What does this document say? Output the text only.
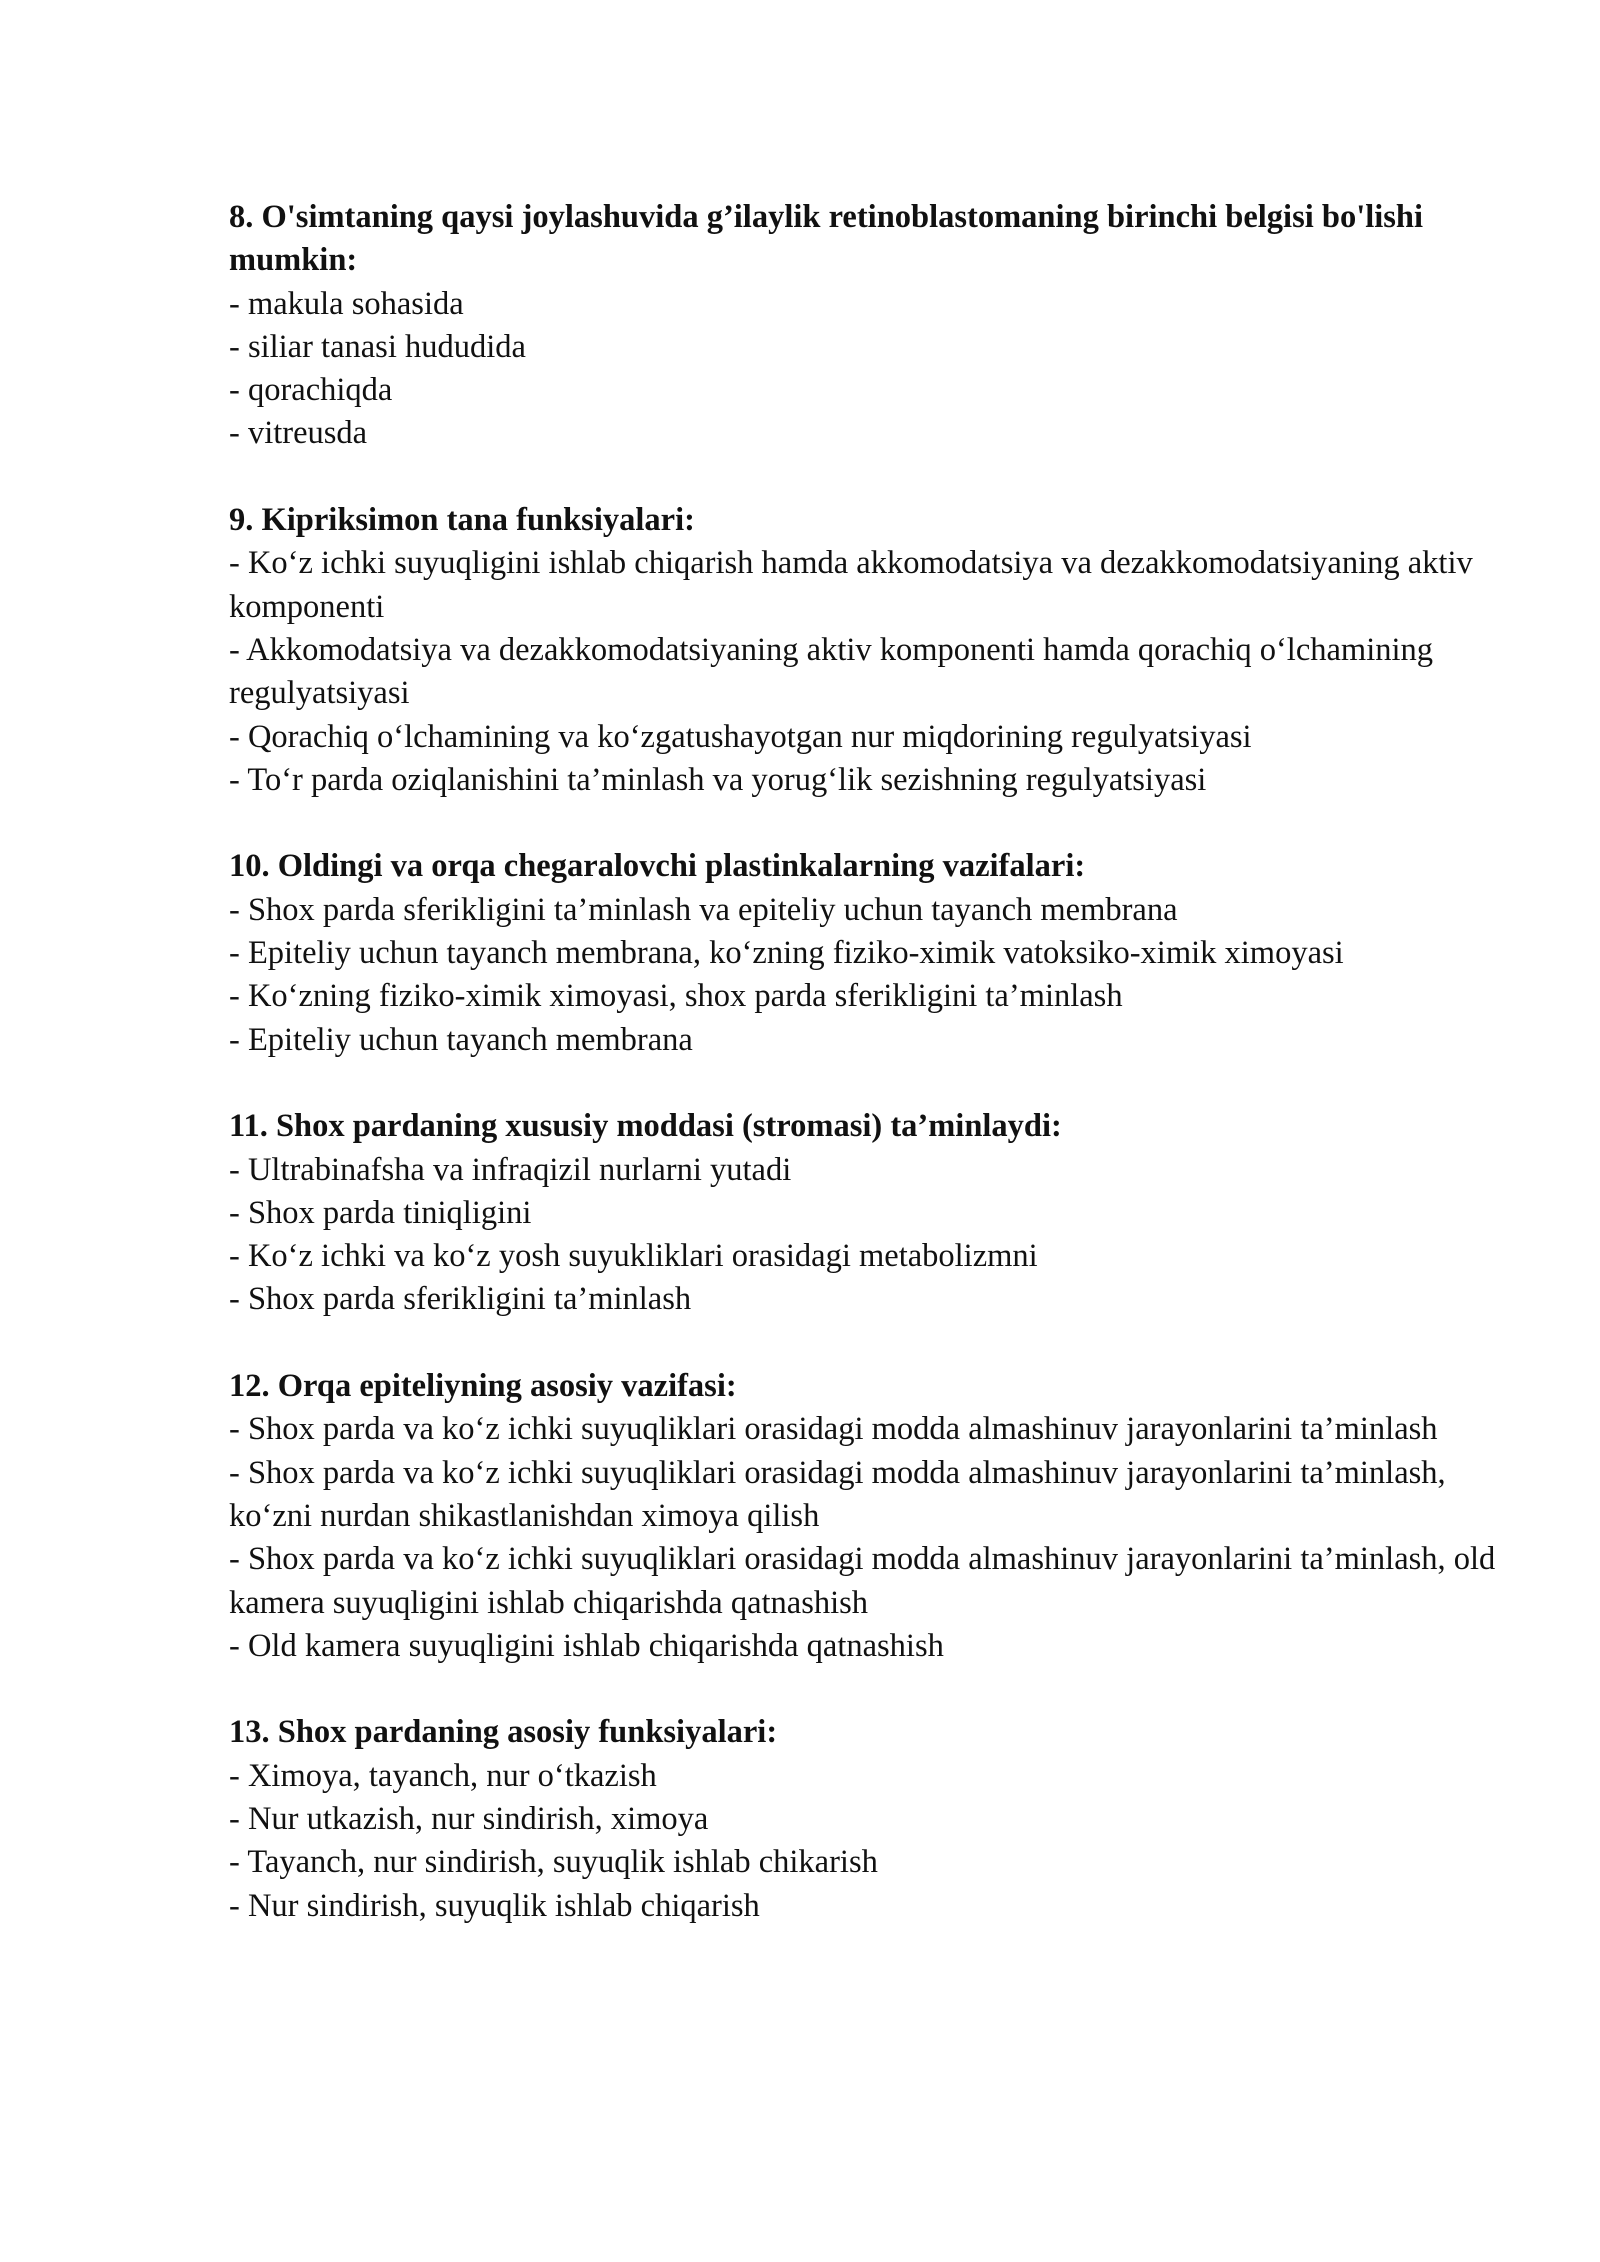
8. O'simtaning qaysi joylashuvida g’ilaylik retinoblastomaning birinchi belgisi bo'lishi mumkin:

- makula sohasida

- siliar tanasi hududida

- qorachiqda

- vitreusda

9. Kipriksimon tana funksiyalari:

- Ko‘z ichki suyuqligini ishlab chiqarish hamda akkomodatsiya va dezakkomodatsiyaning aktiv komponenti

- Akkomodatsiya va dezakkomodatsiyaning aktiv komponenti hamda qorachiq o‘lchamining regulyatsiyasi

- Qorachiq o‘lchamining va ko‘zgatushayotgan nur miqdorining regulyatsiyasi

- To‘r parda oziqlanishini ta’minlash va yorug‘lik sezishning regulyatsiyasi

10. Oldingi va orqa chegaralovchi plastinkalarning vazifalari:

- Shox parda sferikligini ta’minlash va epiteliy uchun tayanch membrana

- Epiteliy uchun tayanch membrana, ko‘zning fiziko-ximik vatoksiko-ximik ximoyasi

- Ko‘zning fiziko-ximik ximoyasi, shox parda sferikligini ta’minlash

- Epiteliy uchun tayanch membrana

11. Shox pardaning xususiy moddasi (stromasi) ta’minlaydi:

- Ultrabinafsha va infraqizil nurlarni yutadi

- Shox parda tiniqligini

- Ko‘z ichki va ko‘z yosh suyukliklari orasidagi metabolizmni

- Shox parda sferikligini ta’minlash

12. Orqa epiteliyning asosiy vazifasi:

- Shox parda va ko‘z ichki suyuqliklari orasidagi modda almashinuv jarayonlarini ta’minlash

- Shox parda va ko‘z ichki suyuqliklari orasidagi modda almashinuv jarayonlarini ta’minlash, ko‘zni nurdan shikastlanishdan ximoya qilish

- Shox parda va ko‘z ichki suyuqliklari orasidagi modda almashinuv jarayonlarini ta’minlash, old kamera suyuqligini ishlab chiqarishda qatnashish

- Old kamera suyuqligini ishlab chiqarishda qatnashish

13. Shox pardaning asosiy funksiyalari:

- Ximoya, tayanch, nur o‘tkazish

- Nur utkazish, nur sindirish, ximoya

- Tayanch, nur sindirish, suyuqlik ishlab chikarish

- Nur sindirish, suyuqlik ishlab chiqarish
